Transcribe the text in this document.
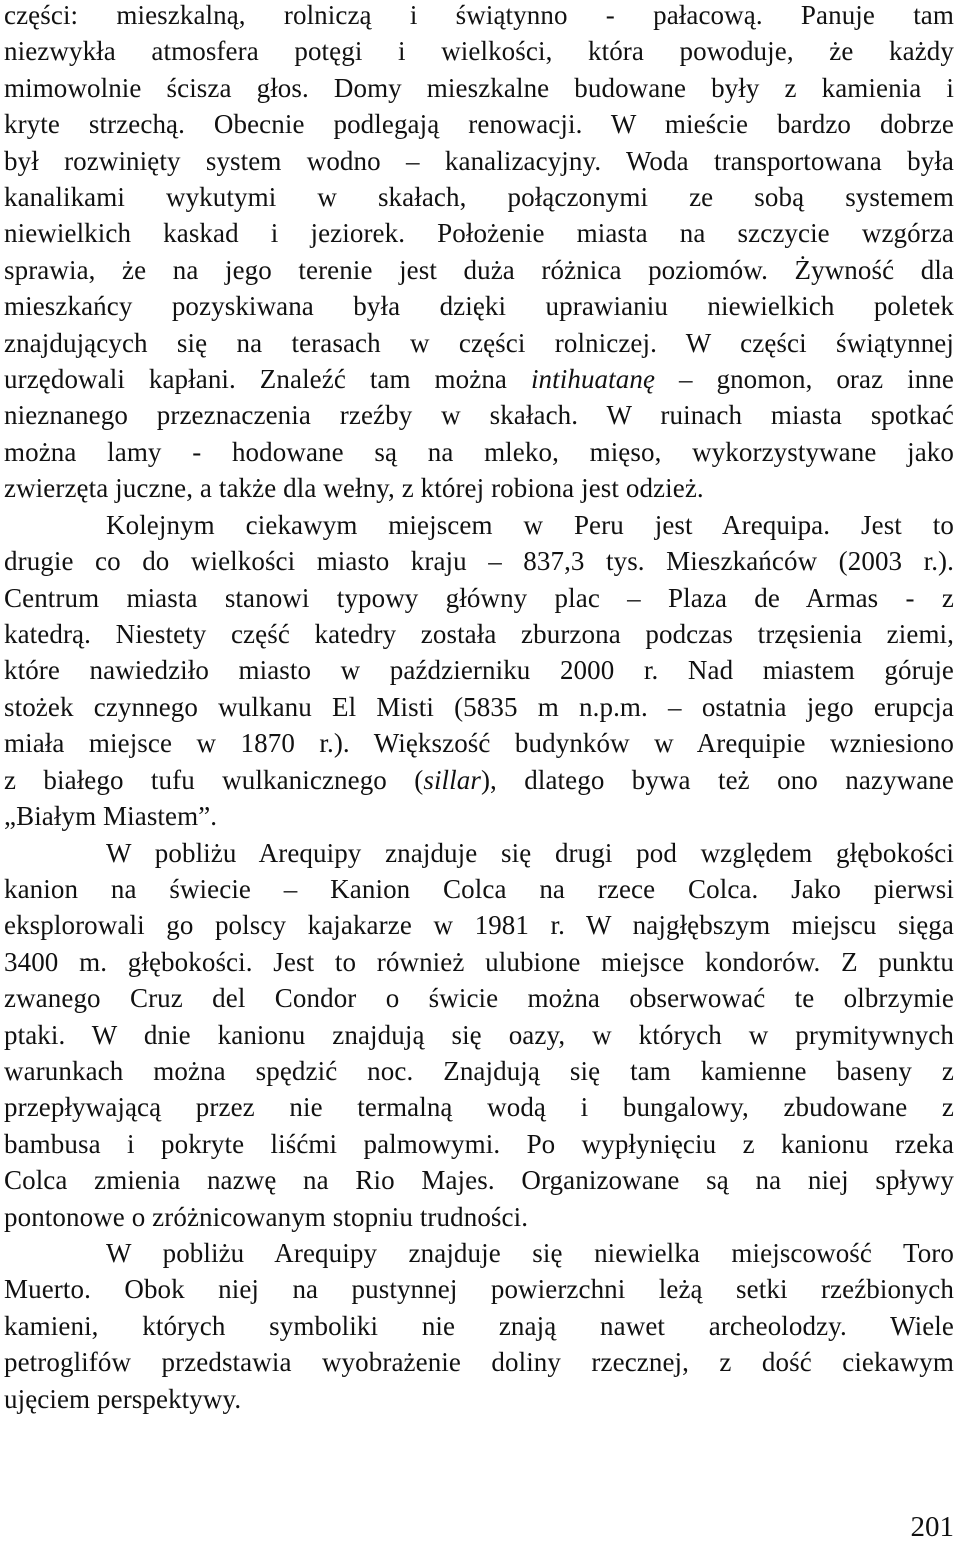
części: mieszkalną, rolniczą i świątynno - pałacową. Panuje tam
niezwykła atmosfera potęgi i wielkości, która powoduje, że każdy
mimowolnie ścisza głos. Domy mieszkalne budowane były z kamienia i
kryte strzechą. Obecnie podlegają renowacji. W mieście bardzo dobrze
był rozwinięty system wodno – kanalizacyjny. Woda transportowana była
kanalikami wykutymi w skałach, połączonymi ze sobą systemem
niewielkich kaskad i jeziorek. Położenie miasta na szczycie wzgórza
sprawia, że na jego terenie jest duża różnica poziomów. Żywność dla
mieszkańcy pozyskiwana była dzięki uprawianiu niewielkich poletek
znajdujących się na terasach w części rolniczej. W części świątynnej
urzędowali kapłani. Znaleźć tam można intihuatanę – gnomon, oraz inne
nieznanego przeznaczenia rzeźby w skałach. W ruinach miasta spotkać
można lamy - hodowane są na mleko, mięso, wykorzystywane jako
zwierzęta juczne, a także dla wełny, z której robiona jest odzież.
Kolejnym ciekawym miejscem w Peru jest Arequipa. Jest to
drugie co do wielkości miasto kraju – 837,3 tys. Mieszkańców (2003 r.).
Centrum miasta stanowi typowy główny plac – Plaza de Armas - z
katedrą. Niestety część katedry została zburzona podczas trzęsienia ziemi,
które nawiedziło miasto w październiku 2000 r. Nad miastem góruje
stożek czynnego wulkanu El Misti (5835 m n.p.m. – ostatnia jego erupcja
miała miejsce w 1870 r.). Większość budynków w Arequipie wzniesiono
z białego tufu wulkanicznego (sillar), dlatego bywa też ono nazywane
„Białym Miastem”.
W pobliżu Arequipy znajduje się drugi pod względem głębokości
kanion na świecie – Kanion Colca na rzece Colca. Jako pierwsi
eksplorowali go polscy kajakarze w 1981 r. W najgłębszym miejscu sięga
3400 m. głębokości. Jest to również ulubione miejsce kondorów. Z punktu
zwanego Cruz del Condor o świcie można obserwować te olbrzymie
ptaki. W dnie kanionu znajdują się oazy, w których w prymitywnych
warunkach można spędzić noc. Znajdują się tam kamienne baseny z
przepływającą przez nie termalną wodą i bungalowy, zbudowane z
bambusa i pokryte liśćmi palmowymi. Po wypłynięciu z kanionu rzeka
Colca zmienia nazwę na Rio Majes. Organizowane są na niej spływy
pontonowe o zróżnicowanym stopniu trudności.
W pobliżu Arequipy znajduje się niewielka miejscowość Toro
Muerto. Obok niej na pustynnej powierzchni leżą setki rzeźbionych
kamieni, których symboliki nie znają nawet archeolodzy. Wiele
petroglifów przedstawia wyobrażenie doliny rzecznej, z dość ciekawym
ujęciem perspektywy.
201
